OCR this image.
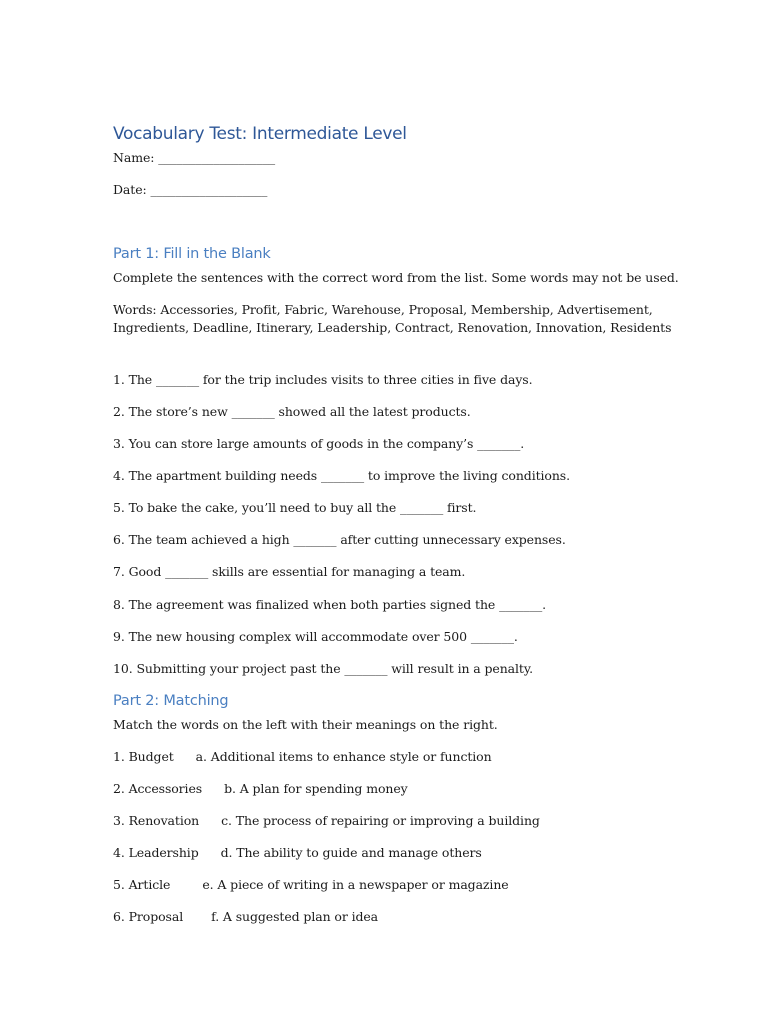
Vocabulary Test: Intermediate Level
Name: ___________________
Date: ___________________
Part 1: Fill in the Blank
Complete the sentences with the correct word from the list. Some words may not be used.
Words: Accessories, Profit, Fabric, Warehouse, Proposal, Membership, Advertisement,
Ingredients, Deadline, Itinerary, Leadership, Contract, Renovation, Innovation, Residents
1. The _______ for the trip includes visits to three cities in five days.
2. The store’s new _______ showed all the latest products.
3. You can store large amounts of goods in the company’s _______.
4. The apartment building needs _______ to improve the living conditions.
5. To bake the cake, you’ll need to buy all the _______ first.
6. The team achieved a high _______ after cutting unnecessary expenses.
7. Good _______ skills are essential for managing a team.
8. The agreement was finalized when both parties signed the _______.
9. The new housing complex will accommodate over 500 _______.
10. Submitting your project past the _______ will result in a penalty.
Part 2: Matching
Match the words on the left with their meanings on the right.
1. Budget a. Additional items to enhance style or function
2. Accessories b. A plan for spending money
3. Renovation c. The process of repairing or improving a building
4. Leadership d. The ability to guide and manage others
5. Article	e. A piece of writing in a newspaper or magazine
6. Proposal f. A suggested plan or idea
